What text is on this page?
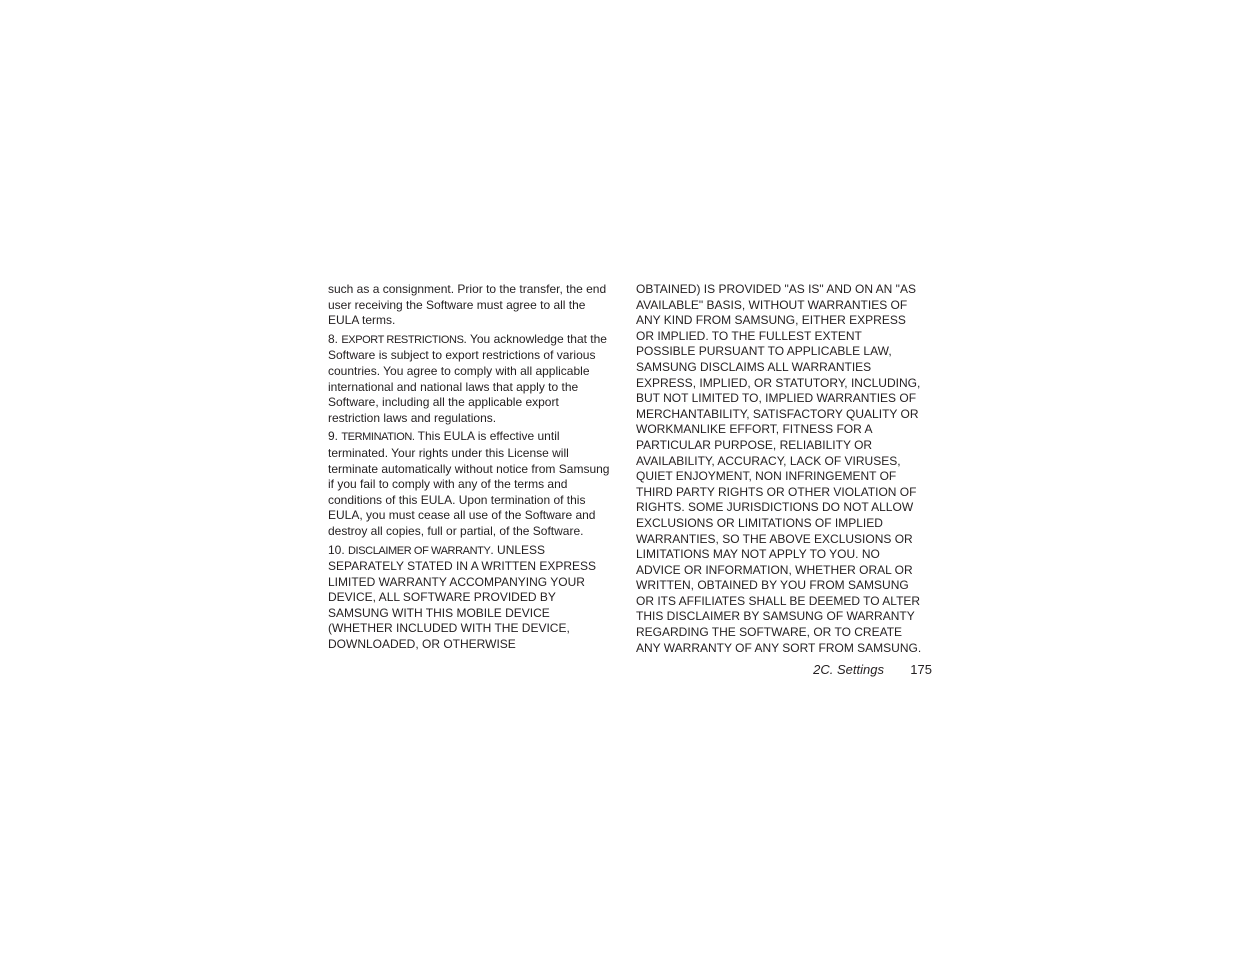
such as a consignment. Prior to the transfer, the end user receiving the Software must agree to all the EULA terms.

8. EXPORT RESTRICTIONS. You acknowledge that the Software is subject to export restrictions of various countries. You agree to comply with all applicable international and national laws that apply to the Software, including all the applicable export restriction laws and regulations.

9. TERMINATION. This EULA is effective until terminated. Your rights under this License will terminate automatically without notice from Samsung if you fail to comply with any of the terms and conditions of this EULA. Upon termination of this EULA, you must cease all use of the Software and destroy all copies, full or partial, of the Software.

10. DISCLAIMER OF WARRANTY. UNLESS SEPARATELY STATED IN A WRITTEN EXPRESS LIMITED WARRANTY ACCOMPANYING YOUR DEVICE, ALL SOFTWARE PROVIDED BY SAMSUNG WITH THIS MOBILE DEVICE (WHETHER INCLUDED WITH THE DEVICE, DOWNLOADED, OR OTHERWISE

OBTAINED) IS PROVIDED "AS IS" AND ON AN "AS AVAILABLE" BASIS, WITHOUT WARRANTIES OF ANY KIND FROM SAMSUNG, EITHER EXPRESS OR IMPLIED. TO THE FULLEST EXTENT POSSIBLE PURSUANT TO APPLICABLE LAW, SAMSUNG DISCLAIMS ALL WARRANTIES EXPRESS, IMPLIED, OR STATUTORY, INCLUDING, BUT NOT LIMITED TO, IMPLIED WARRANTIES OF MERCHANTABILITY, SATISFACTORY QUALITY OR WORKMANLIKE EFFORT, FITNESS FOR A PARTICULAR PURPOSE, RELIABILITY OR AVAILABILITY, ACCURACY, LACK OF VIRUSES, QUIET ENJOYMENT, NON INFRINGEMENT OF THIRD PARTY RIGHTS OR OTHER VIOLATION OF RIGHTS. SOME JURISDICTIONS DO NOT ALLOW EXCLUSIONS OR LIMITATIONS OF IMPLIED WARRANTIES, SO THE ABOVE EXCLUSIONS OR LIMITATIONS MAY NOT APPLY TO YOU. NO ADVICE OR INFORMATION, WHETHER ORAL OR WRITTEN, OBTAINED BY YOU FROM SAMSUNG OR ITS AFFILIATES SHALL BE DEEMED TO ALTER THIS DISCLAIMER BY SAMSUNG OF WARRANTY REGARDING THE SOFTWARE, OR TO CREATE ANY WARRANTY OF ANY SORT FROM SAMSUNG.

2C. Settings 175
